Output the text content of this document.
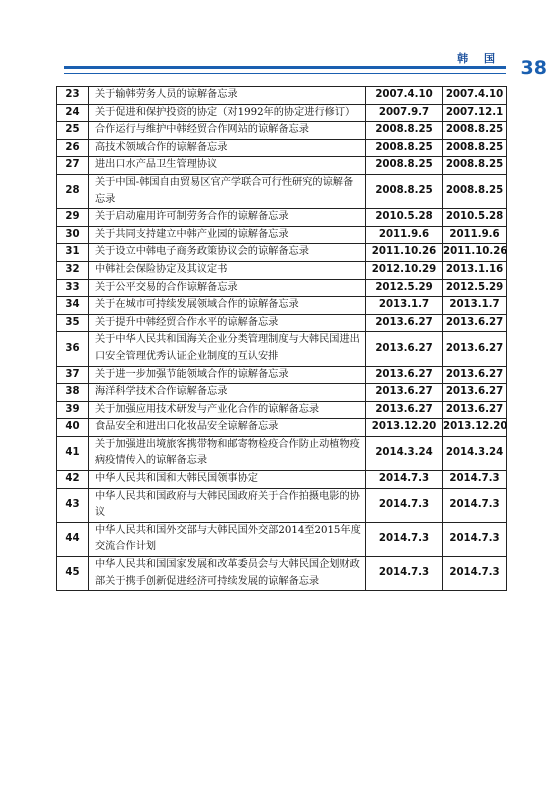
韩 国 38
23	关于输韩劳务人员的谅解备忘录	2007.4.10	2007.4.10
24	关于促进和保护投资的协定（对1992年的协定进行修订）	2007.9.7	2007.12.1
25	合作运行与维护中韩经贸合作网站的谅解备忘录	2008.8.25	2008.8.25
26	高技术领域合作的谅解备忘录	2008.8.25	2008.8.25
27	进出口水产品卫生管理协议	2008.8.25	2008.8.25
28	关于中国-韩国自由贸易区官产学联合可行性研究的谅解备忘录	2008.8.25	2008.8.25
29	关于启动雇用许可制劳务合作的谅解备忘录	2010.5.28	2010.5.28
30	关于共同支持建立中韩产业园的谅解备忘录	2011.9.6	2011.9.6
31	关于设立中韩电子商务政策协议会的谅解备忘录	2011.10.26	2011.10.26
32	中韩社会保险协定及其议定书	2012.10.29	2013.1.16
33	关于公平交易的合作谅解备忘录	2012.5.29	2012.5.29
34	关于在城市可持续发展领域合作的谅解备忘录	2013.1.7	2013.1.7
35	关于提升中韩经贸合作水平的谅解备忘录	2013.6.27	2013.6.27
36	关于中华人民共和国海关企业分类管理制度与大韩民国进出口安全管理优秀认证企业制度的互认安排	2013.6.27	2013.6.27
37	关于进一步加强节能领域合作的谅解备忘录	2013.6.27	2013.6.27
38	海洋科学技术合作谅解备忘录	2013.6.27	2013.6.27
39	关于加强应用技术研发与产业化合作的谅解备忘录	2013.6.27	2013.6.27
40	食品安全和进出口化妆品安全谅解备忘录	2013.12.20	2013.12.20
41	关于加强进出境旅客携带物和邮寄物检疫合作防止动植物疫病疫情传入的谅解备忘录	2014.3.24	2014.3.24
42	中华人民共和国和大韩民国领事协定	2014.7.3	2014.7.3
43	中华人民共和国政府与大韩民国政府关于合作拍摄电影的协议	2014.7.3	2014.7.3
44	中华人民共和国外交部与大韩民国外交部2014至2015年度交流合作计划	2014.7.3	2014.7.3
45	中华人民共和国国家发展和改革委员会与大韩民国企划财政部关于携手创新促进经济可持续发展的谅解备忘录	2014.7.3	2014.7.3
